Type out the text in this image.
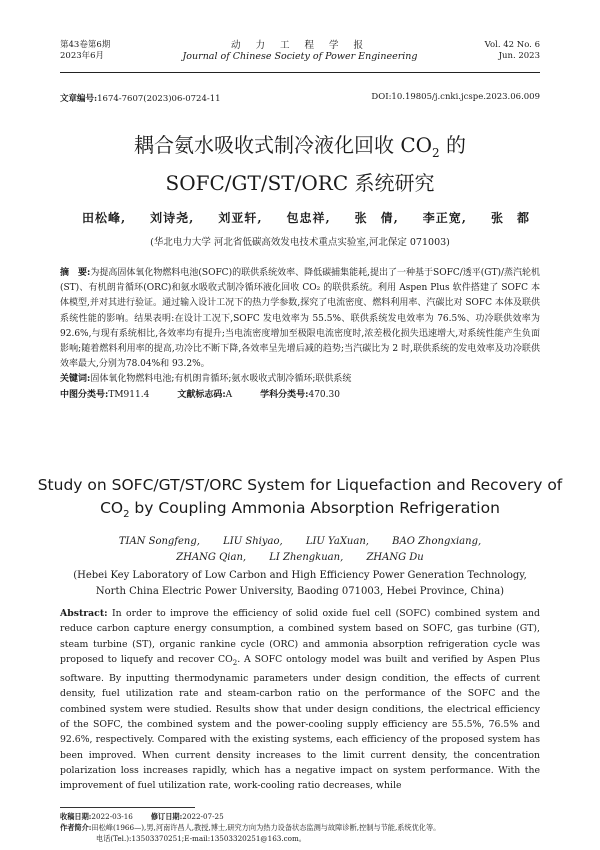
第43卷第6期
2023年6月
动 力 工 程 学 报
Journal of Chinese Society of Power Engineering
Vol. 42 No. 6
Jun. 2023
文章编号:1674-7607(2023)06-0724-11	DOI:10.19805/j.cnki.jcspe.2023.06.009
耦合氨水吸收式制冷液化回收 $CO_2$ 的
SOFC/GT/ST/ORC 系统研究
田松峰, 刘诗尧, 刘亚轩, 包忠祥, 张　倩, 李正宽, 张　都
(华北电力大学 河北省低碳高效发电技术重点实验室,河北保定 071003)
摘　要:为提高固体氧化物燃料电池(SOFC)的联供系统效率、降低碳捕集能耗,提出了一种基于SOFC/透平(GT)/蒸汽轮机(ST)、有机朗肯循环(ORC)和氨水吸收式制冷循环液化回收 CO₂ 的联供系统。利用 Aspen Plus 软件搭建了 SOFC 本体模型,并对其进行验证。通过输入设计工况下的热力学参数,探究了电流密度、燃料利用率、汽碳比对 SOFC 本体及联供系统性能的影响。结果表明:在设计工况下,SOFC 发电效率为 55.5%、联供系统发电效率为 76.5%、功冷联供效率为 92.6%,与现有系统相比,各效率均有提升;当电流密度增加至极限电流密度时,浓差极化损失迅速增大,对系统性能产生负面影响;随着燃料利用率的提高,功冷比不断下降,各效率呈先增后减的趋势;当汽碳比为 2 时,联供系统的发电效率及功冷联供效率最大,分别为78.04%和 93.2%。
关键词:固体氧化物燃料电池;有机朗肯循环;氨水吸收式制冷循环;联供系统
中图分类号:TM911.4	文献标志码:A	学科分类号:470.30
Study on SOFC/GT/ST/ORC System for Liquefaction and Recovery of
$CO_2$ by Coupling Ammonia Absorption Refrigeration
TIAN Songfeng, LIU Shiyao, LIU YaXuan, BAO Zhongxiang,
ZHANG Qian, LI Zhengkuan, ZHANG Du
(Hebei Key Laboratory of Low Carbon and High Efficiency Power Generation Technology,
North China Electric Power University, Baoding 071003, Hebei Province, China)
Abstract: In order to improve the efficiency of solid oxide fuel cell (SOFC) combined system and reduce carbon capture energy consumption, a combined system based on SOFC, gas turbine (GT), steam turbine (ST), organic rankine cycle (ORC) and ammonia absorption refrigeration cycle was proposed to liquefy and recover $CO_2$. A SOFC ontology model was built and verified by Aspen Plus software. By inputting thermodynamic parameters under design condition, the effects of current density, fuel utilization rate and steam-carbon ratio on the performance of the SOFC and the combined system were studied. Results show that under design conditions, the electrical efficiency of the SOFC, the combined system and the power-cooling supply efficiency are 55.5%, 76.5% and 92.6%, respectively. Compared with the existing systems, each efficiency of the proposed system has been improved. When current density increases to the limit current density, the concentration polarization loss increases rapidly, which has a negative impact on system performance. With the improvement of fuel utilization rate, work-cooling ratio decreases, while
收稿日期:2022-03-16	修订日期:2022-07-25
作者简介:田松峰(1966—),男,河南许昌人,教授,博士,研究方向为热力设备状态监测与故障诊断,控制与节能,系统优化等。
电话(Tel.):13503370251;E-mail:13503320251@163.com。
